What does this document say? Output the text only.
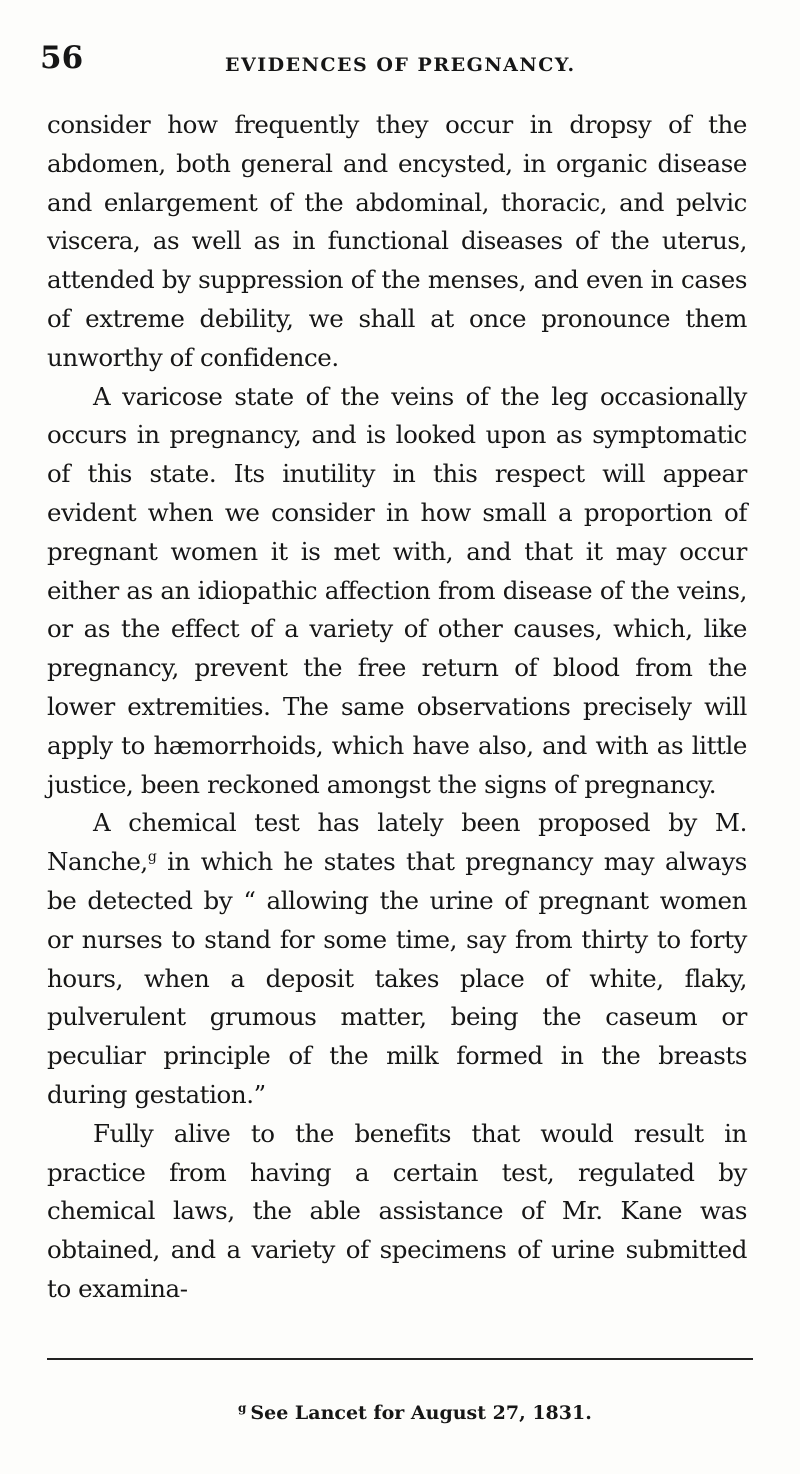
56	EVIDENCES OF PREGNANCY.

consider how frequently they occur in dropsy of the abdomen, both general and encysted, in organic disease and enlargement of the abdominal, thoracic, and pelvic viscera, as well as in functional diseases of the uterus, attended by suppression of the menses, and even in cases of extreme debility, we shall at once pronounce them unworthy of confidence.

A varicose state of the veins of the leg occasionally occurs in pregnancy, and is looked upon as symptomatic of this state. Its inutility in this respect will appear evident when we consider in how small a proportion of pregnant women it is met with, and that it may occur either as an idiopathic affection from disease of the veins, or as the effect of a variety of other causes, which, like pregnancy, prevent the free return of blood from the lower extremities. The same observations precisely will apply to hæmorrhoids, which have also, and with as little justice, been reckoned amongst the signs of pregnancy.

A chemical test has lately been proposed by M. Nanche,$^g$ in which he states that pregnancy may always be detected by “ allowing the urine of pregnant women or nurses to stand for some time, say from thirty to forty hours, when a deposit takes place of white, flaky, pulverulent grumous matter, being the caseum or peculiar principle of the milk formed in the breasts during gestation.”

Fully alive to the benefits that would result in practice from having a certain test, regulated by chemical laws, the able assistance of Mr. Kane was obtained, and a variety of specimens of urine submitted to examina-

$^g$ See Lancet for August 27, 1831.
